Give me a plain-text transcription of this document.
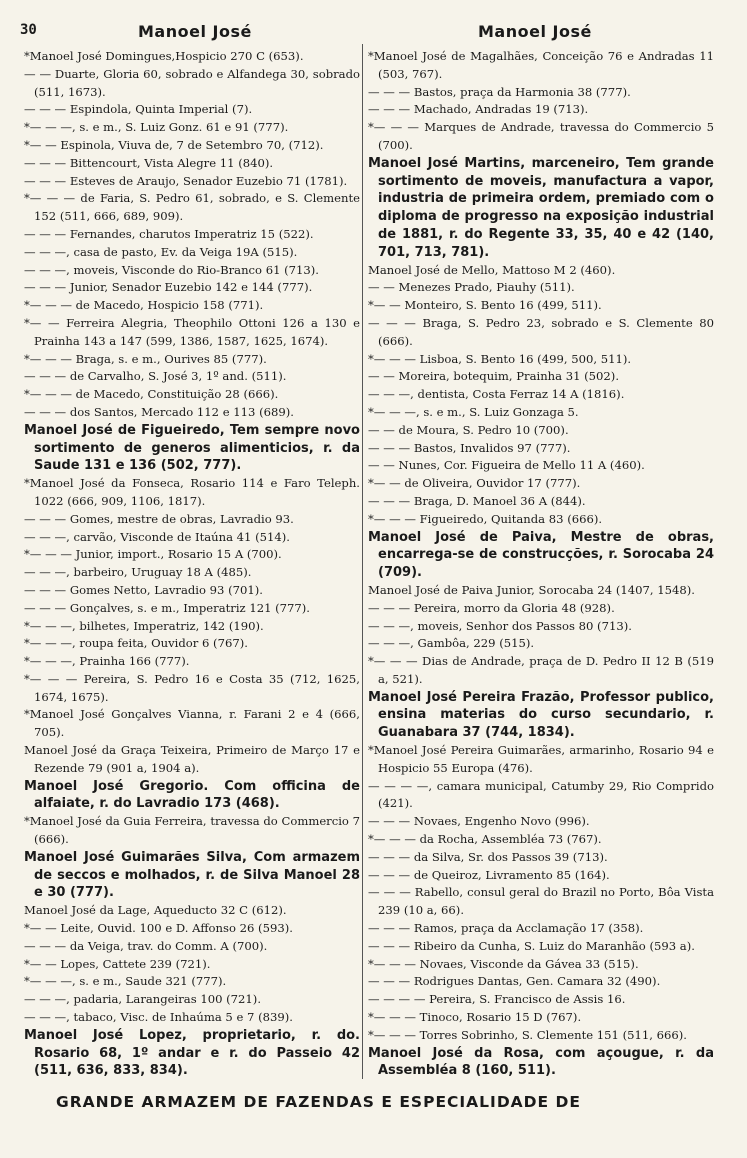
30	Manoel José	Manoel José

*Manoel José Domingues,Hospicio 270 C (653).

— — Duarte, Gloria 60, sobrado e Alfandega 30, sobrado (511, 1673).

— — — Espindola, Quinta Imperial (7).

*— — —, s. e m., S. Luiz Gonz. 61 e 91 (777).

*— — Espinola, Viuva de, 7 de Setembro 70, (712).

— — — Bittencourt, Vista Alegre 11 (840).

— — — Esteves de Araujo, Senador Euzebio 71 (1781).

*— — — de Faria, S. Pedro 61, sobrado, e S. Clemente 152 (511, 666, 689, 909).

— — — Fernandes, charutos Imperatriz 15 (522).

— — —, casa de pasto, Ev. da Veiga 19A (515).

— — —, moveis, Visconde do Rio-Branco 61 (713).

— — — Junior, Senador Euzebio 142 e 144 (777).

*— — — de Macedo, Hospicio 158 (771).

*— — Ferreira Alegria, Theophilo Ottoni 126 a 130 e Prainha 143 a 147 (599, 1386, 1587, 1625, 1674).

*— — — Braga, s. e m., Ourives 85 (777).

— — — de Carvalho, S. José 3, 1º and. (511).

*— — — de Macedo, Constituição 28 (666).

— — — dos Santos, Mercado 112 e 113 (689).

Manoel José de Figueiredo, Tem sempre novo sortimento de generos alimenticios, r. da Saude 131 e 136 (502, 777).

*Manoel José da Fonseca, Rosario 114 e Faro Teleph. 1022 (666, 909, 1106, 1817).

— — — Gomes, mestre de obras, Lavradio 93.

— — —, carvão, Visconde de Itaúna 41 (514).

*— — — Junior, import., Rosario 15 A (700).

— — —, barbeiro, Uruguay 18 A (485).

— — — Gomes Netto, Lavradio 93 (701).

— — — Gonçalves, s. e m., Imperatriz 121 (777).

*— — —, bilhetes, Imperatriz, 142 (190).

*— — —, roupa feita, Ouvidor 6 (767).

*— — —, Prainha 166 (777).

*— — — Pereira, S. Pedro 16 e Costa 35 (712, 1625, 1674, 1675).

*Manoel José Gonçalves Vianna, r. Farani 2 e 4 (666, 705).

Manoel José da Graça Teixeira, Primeiro de Março 17 e Rezende 79 (901 a, 1904 a).

Manoel José Gregorio. Com officina de alfaiate, r. do Lavradio 173 (468).

*Manoel José da Guia Ferreira, travessa do Commercio 7 (666).

Manoel José Guimarães Silva, Com armazem de seccos e molhados, r. de Silva Manoel 28 e 30 (777).

Manoel José da Lage, Aqueducto 32 C (612).

*— — Leite, Ouvid. 100 e D. Affonso 26 (593).

— — — da Veiga, trav. do Comm. A (700).

*— — Lopes, Cattete 239 (721).

*— — —, s. e m., Saude 321 (777).

— — —, padaria, Larangeiras 100 (721).

— — —, tabaco, Visc. de Inhaúma 5 e 7 (839).

Manoel José Lopez, proprietario, r. do. Rosario 68, 1º andar e r. do Passeio 42 (511, 636, 833, 834).

*Manoel José de Magalhães, Conceição 76 e Andradas 11 (503, 767).

— — — Bastos, praça da Harmonia 38 (777).

— — — Machado, Andradas 19 (713).

*— — — Marques de Andrade, travessa do Commercio 5 (700).

Manoel José Martins, marceneiro, Tem grande sortimento de moveis, manufactura a vapor, industria de primeira ordem, premiado com o diploma de progresso na exposição industrial de 1881, r. do Regente 33, 35, 40 e 42 (140, 701, 713, 781).

Manoel José de Mello, Mattoso M 2 (460).

— — Menezes Prado, Piauhy (511).

*— — Monteiro, S. Bento 16 (499, 511).

— — — Braga, S. Pedro 23, sobrado e S. Clemente 80 (666).

*— — — Lisboa, S. Bento 16 (499, 500, 511).

— — Moreira, botequim, Prainha 31 (502).

— — —, dentista, Costa Ferraz 14 A (1816).

*— — —, s. e m., S. Luiz Gonzaga 5.

— — de Moura, S. Pedro 10 (700).

— — — Bastos, Invalidos 97 (777).

— — Nunes, Cor. Figueira de Mello 11 A (460).

*— — de Oliveira, Ouvidor 17 (777).

— — — Braga, D. Manoel 36 A (844).

*— — — Figueiredo, Quitanda 83 (666).

Manoel José de Paiva, Mestre de obras, encarrega-se de construcções, r. Sorocaba 24 (709).

Manoel José de Paiva Junior, Sorocaba 24 (1407, 1548).

— — — Pereira, morro da Gloria 48 (928).

— — —, moveis, Senhor dos Passos 80 (713).

— — —, Gambôa, 229 (515).

*— — — Dias de Andrade, praça de D. Pedro II 12 B (519 a, 521).

Manoel José Pereira Frazão, Professor publico, ensina materias do curso secundario, r. Guanabara 37 (744, 1834).

*Manoel José Pereira Guimarães, armarinho, Rosario 94 e Hospicio 55 Europa (476).

— — — —, camara municipal, Catumby 29, Rio Comprido (421).

— — — Novaes, Engenho Novo (996).

*— — — da Rocha, Assembléa 73 (767).

— — — da Silva, Sr. dos Passos 39 (713).

— — — de Queiroz, Livramento 85 (164).

— — — Rabello, consul geral do Brazil no Porto, Bôa Vista 239 (10 a, 66).

— — — Ramos, praça da Acclamação 17 (358).

— — — Ribeiro da Cunha, S. Luiz do Maranhão (593 a).

*— — — Novaes, Visconde da Gávea 33 (515).

— — — Rodrigues Dantas, Gen. Camara 32 (490).

— — — — Pereira, S. Francisco de Assis 16.

*— — — Tinoco, Rosario 15 D (767).

*— — — Torres Sobrinho, S. Clemente 151 (511, 666).

Manoel José da Rosa, com açougue, r. da Assembléa 8 (160, 511).

GRANDE ARMAZEM DE FAZENDAS E ESPECIALIDADE DE
